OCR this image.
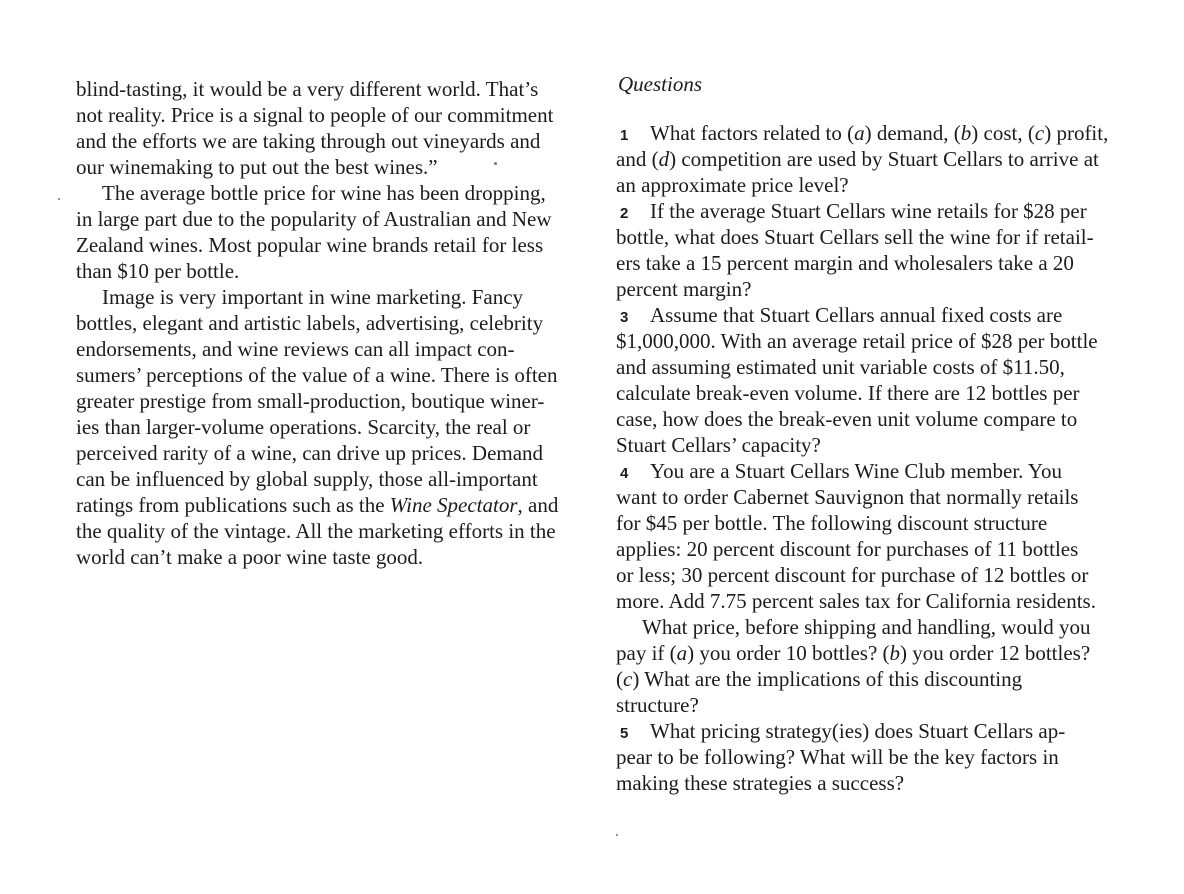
blind-tasting, it would be a very different world. That’s
not reality. Price is a signal to people of our commitment
and the efforts we are taking through out vineyards and
our winemaking to put out the best wines.”
The average bottle price for wine has been dropping,
in large part due to the popularity of Australian and New
Zealand wines. Most popular wine brands retail for less
than $10 per bottle.
Image is very important in wine marketing. Fancy
bottles, elegant and artistic labels, advertising, celebrity
endorsements, and wine reviews can all impact con-
sumers’ perceptions of the value of a wine. There is often
greater prestige from small-production, boutique winer-
ies than larger-volume operations. Scarcity, the real or
perceived rarity of a wine, can drive up prices. Demand
can be influenced by global supply, those all-important
ratings from publications such as the Wine Spectator, and
the quality of the vintage. All the marketing efforts in the
world can’t make a poor wine taste good.
Questions
1 What factors related to (a) demand, (b) cost, (c) profit,
and (d) competition are used by Stuart Cellars to arrive at
an approximate price level?
2 If the average Stuart Cellars wine retails for $28 per
bottle, what does Stuart Cellars sell the wine for if retail-
ers take a 15 percent margin and wholesalers take a 20
percent margin?
3 Assume that Stuart Cellars annual fixed costs are
$1,000,000. With an average retail price of $28 per bottle
and assuming estimated unit variable costs of $11.50,
calculate break-even volume. If there are 12 bottles per
case, how does the break-even unit volume compare to
Stuart Cellars’ capacity?
4 You are a Stuart Cellars Wine Club member. You
want to order Cabernet Sauvignon that normally retails
for $45 per bottle. The following discount structure
applies: 20 percent discount for purchases of 11 bottles
or less; 30 percent discount for purchase of 12 bottles or
more. Add 7.75 percent sales tax for California residents.
What price, before shipping and handling, would you
pay if (a) you order 10 bottles? (b) you order 12 bottles?
(c) What are the implications of this discounting
structure?
5 What pricing strategy(ies) does Stuart Cellars ap-
pear to be following? What will be the key factors in
making these strategies a success?
